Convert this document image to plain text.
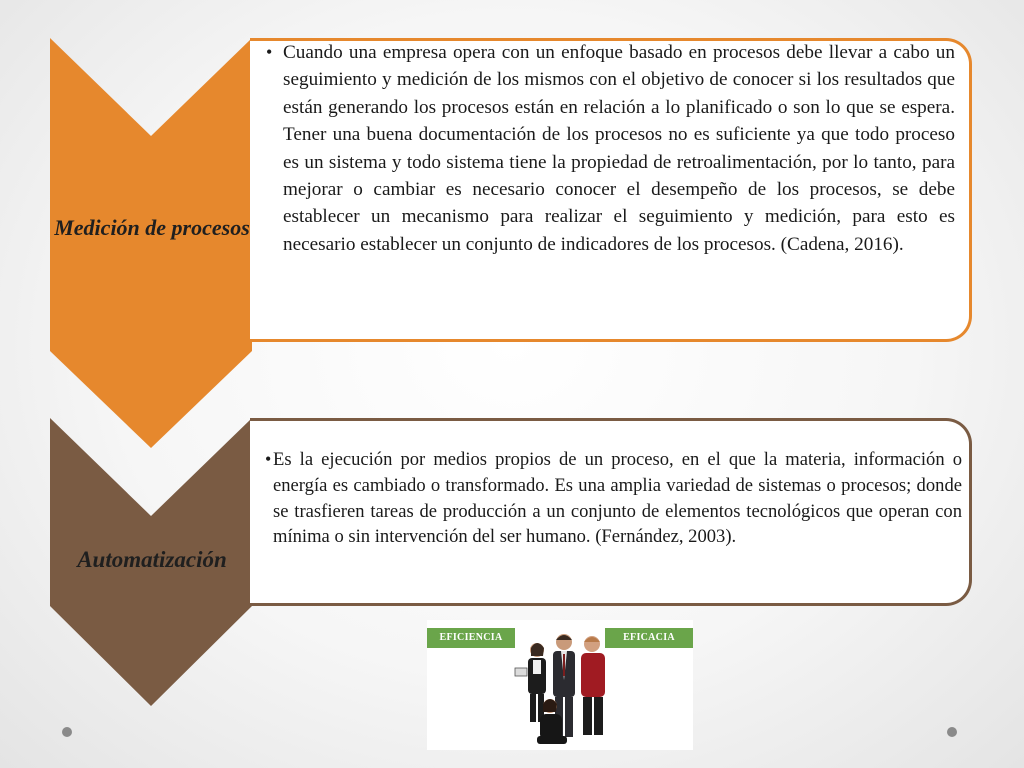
• Cuando una empresa opera con un enfoque basado en procesos debe llevar a cabo un seguimiento y medición de los mismos con el objetivo de conocer si los resultados que están generando los procesos están en relación a lo planificado o son lo que se espera. Tener una buena documentación de los procesos no es suficiente ya que todo proceso es un sistema y todo sistema tiene la propiedad de retroalimentación, por lo tanto, para mejorar o cambiar es necesario conocer el desempeño de los procesos, se debe establecer un mecanismo para realizar el seguimiento y medición, para esto es necesario establecer un conjunto de indicadores de los procesos. (Cadena, 2016).
Medición de procesos
• Es la ejecución por medios propios de un proceso, en el que la materia, información o energía es cambiado o transformado. Es una amplia variedad de sistemas o procesos; donde se trasfieren tareas de producción a un conjunto de elementos tecnológicos que operan con mínima o sin intervención del ser humano. (Fernández, 2003).
Automatización
EFICIENCIA	EFICACIA
